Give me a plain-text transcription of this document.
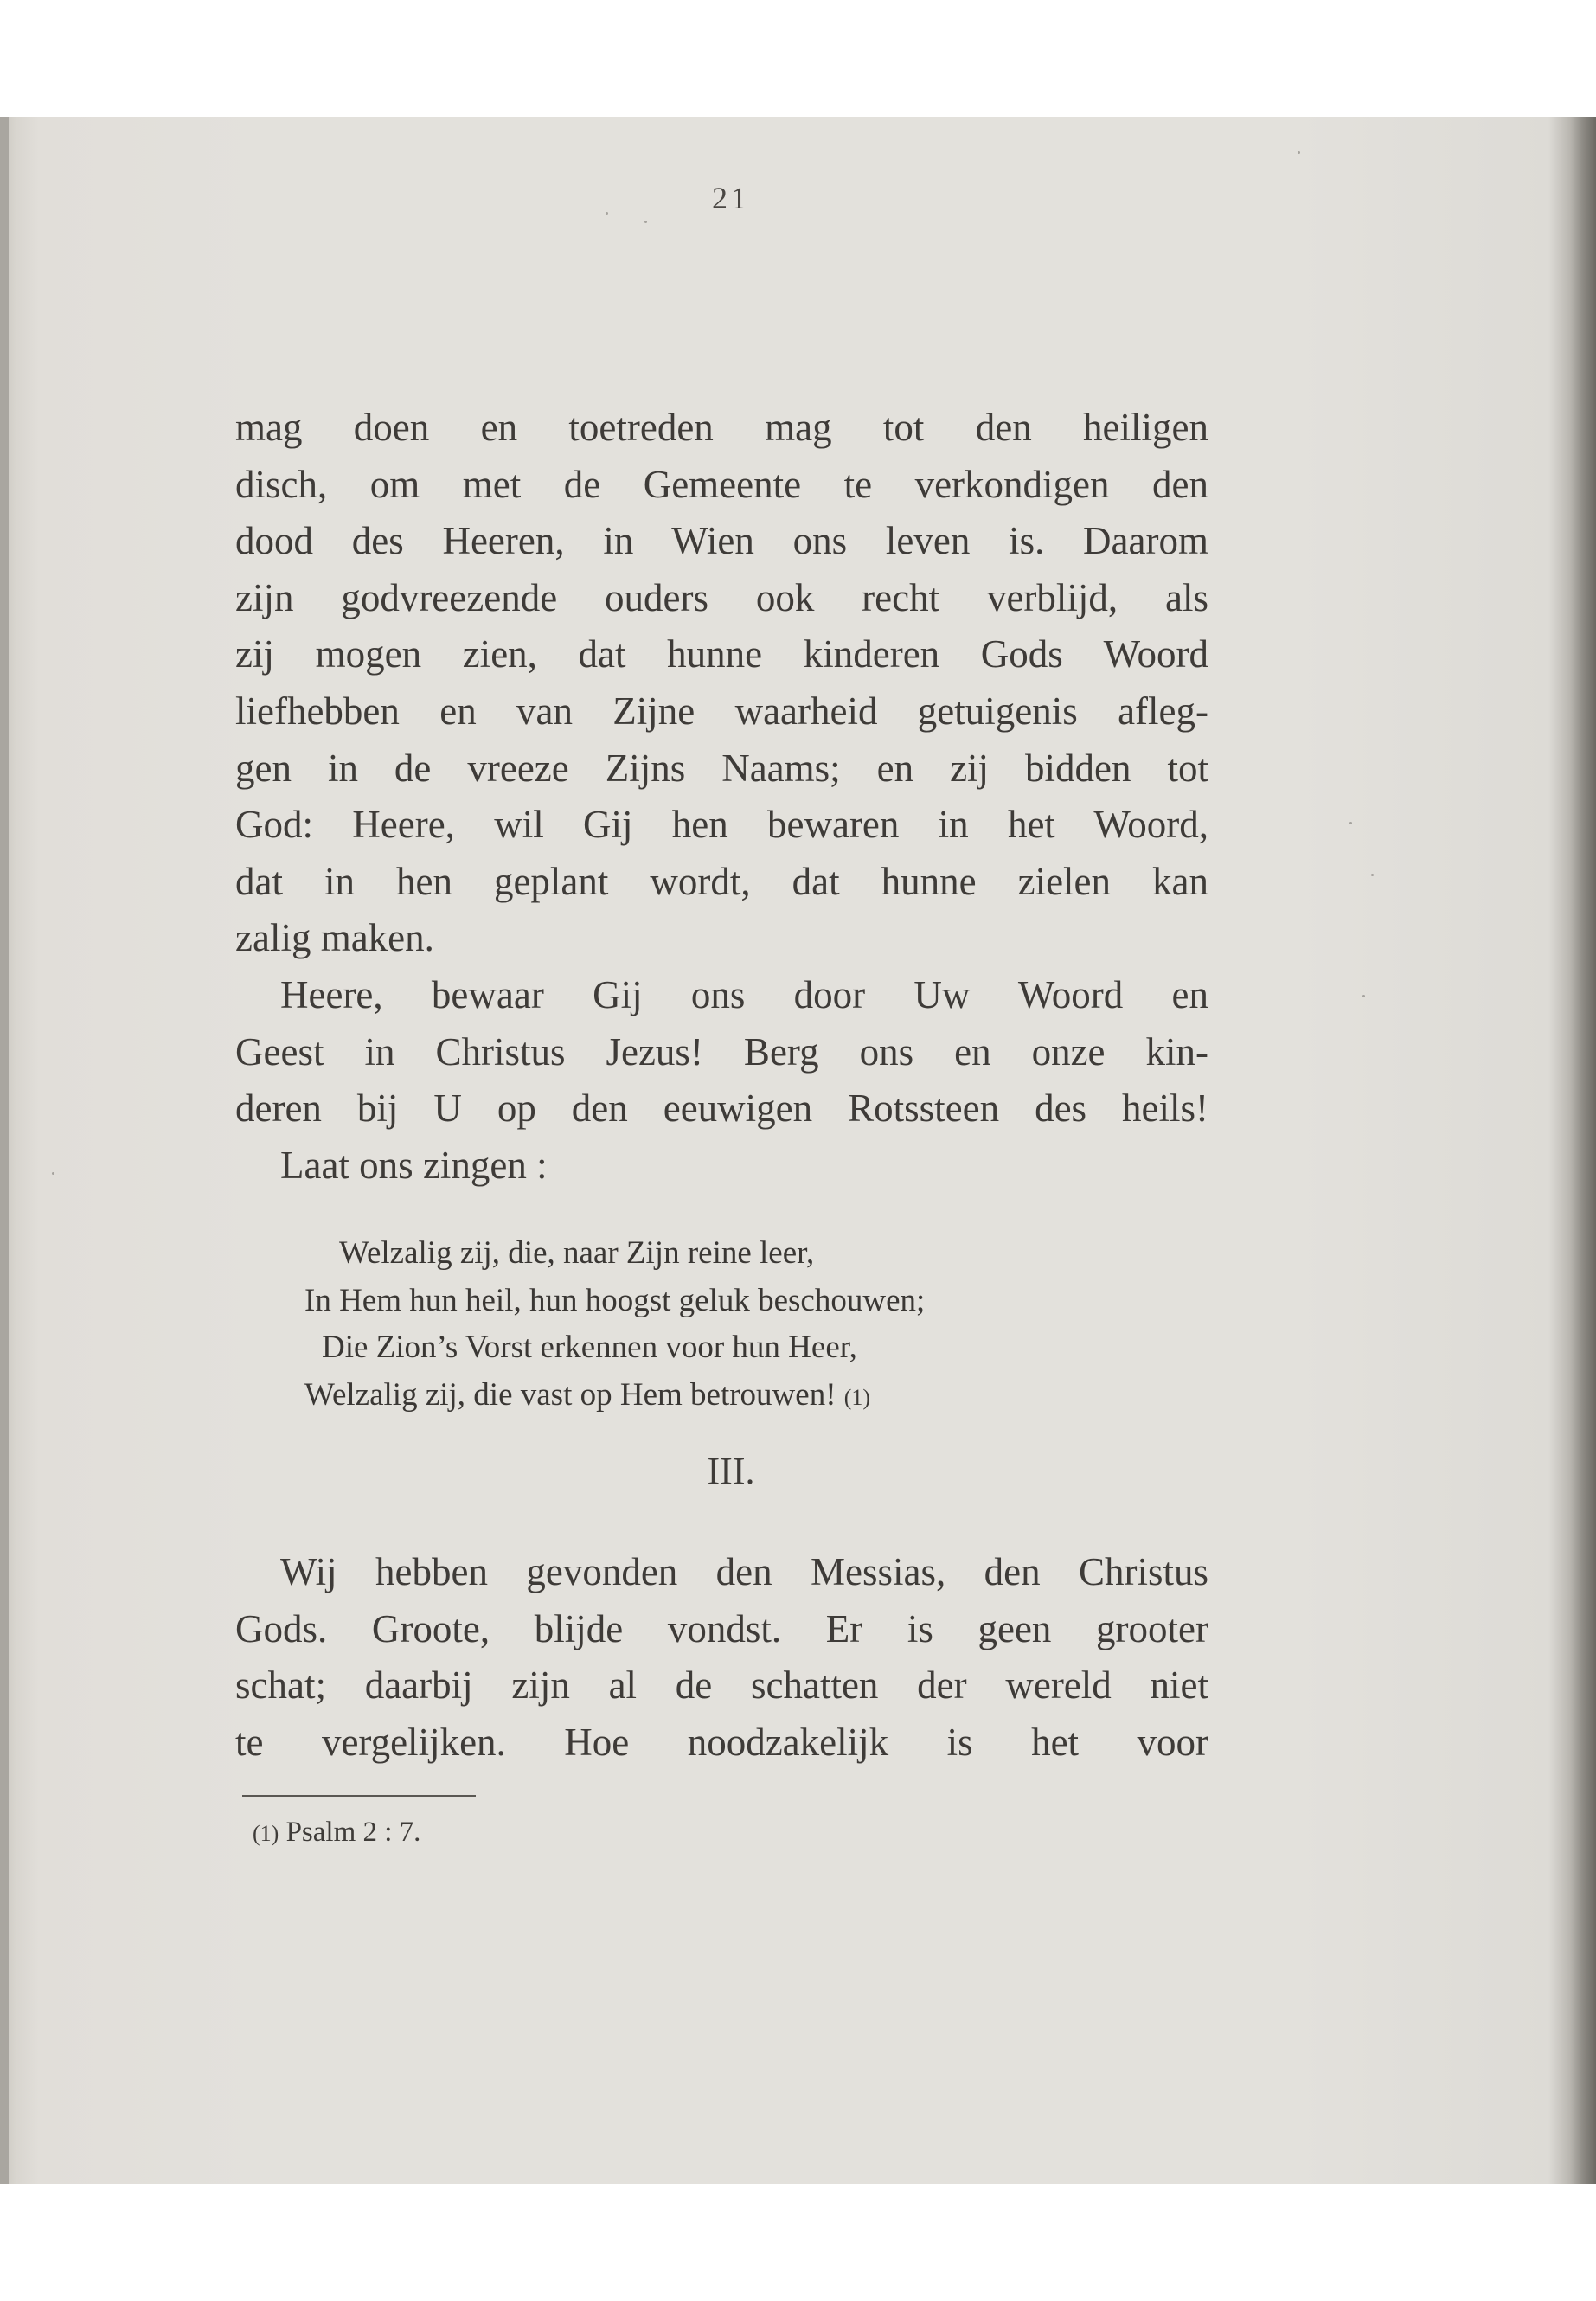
21
mag doen en toetreden mag tot den heiligen
disch, om met de Gemeente te verkondigen den
dood des Heeren, in Wien ons leven is. Daarom
zijn godvreezende ouders ook recht verblijd, als
zij mogen zien, dat hunne kinderen Gods Woord
liefhebben en van Zijne waarheid getuigenis afleg-
gen in de vreeze Zijns Naams; en zij bidden tot
God: Heere, wil Gij hen bewaren in het Woord,
dat in hen geplant wordt, dat hunne zielen kan
zalig maken.
Heere, bewaar Gij ons door Uw Woord en
Geest in Christus Jezus! Berg ons en onze kin-
deren bij U op den eeuwigen Rotssteen des heils!
Laat ons zingen :
Welzalig zij, die, naar Zijn reine leer,
In Hem hun heil, hun hoogst geluk beschouwen;
Die Zion’s Vorst erkennen voor hun Heer,
Welzalig zij, die vast op Hem betrouwen! (1)
III.
Wij hebben gevonden den Messias, den Christus
Gods. Groote, blijde vondst. Er is geen grooter
schat; daarbij zijn al de schatten der wereld niet
te vergelijken. Hoe noodzakelijk is het voor
(1) Psalm 2 : 7.
